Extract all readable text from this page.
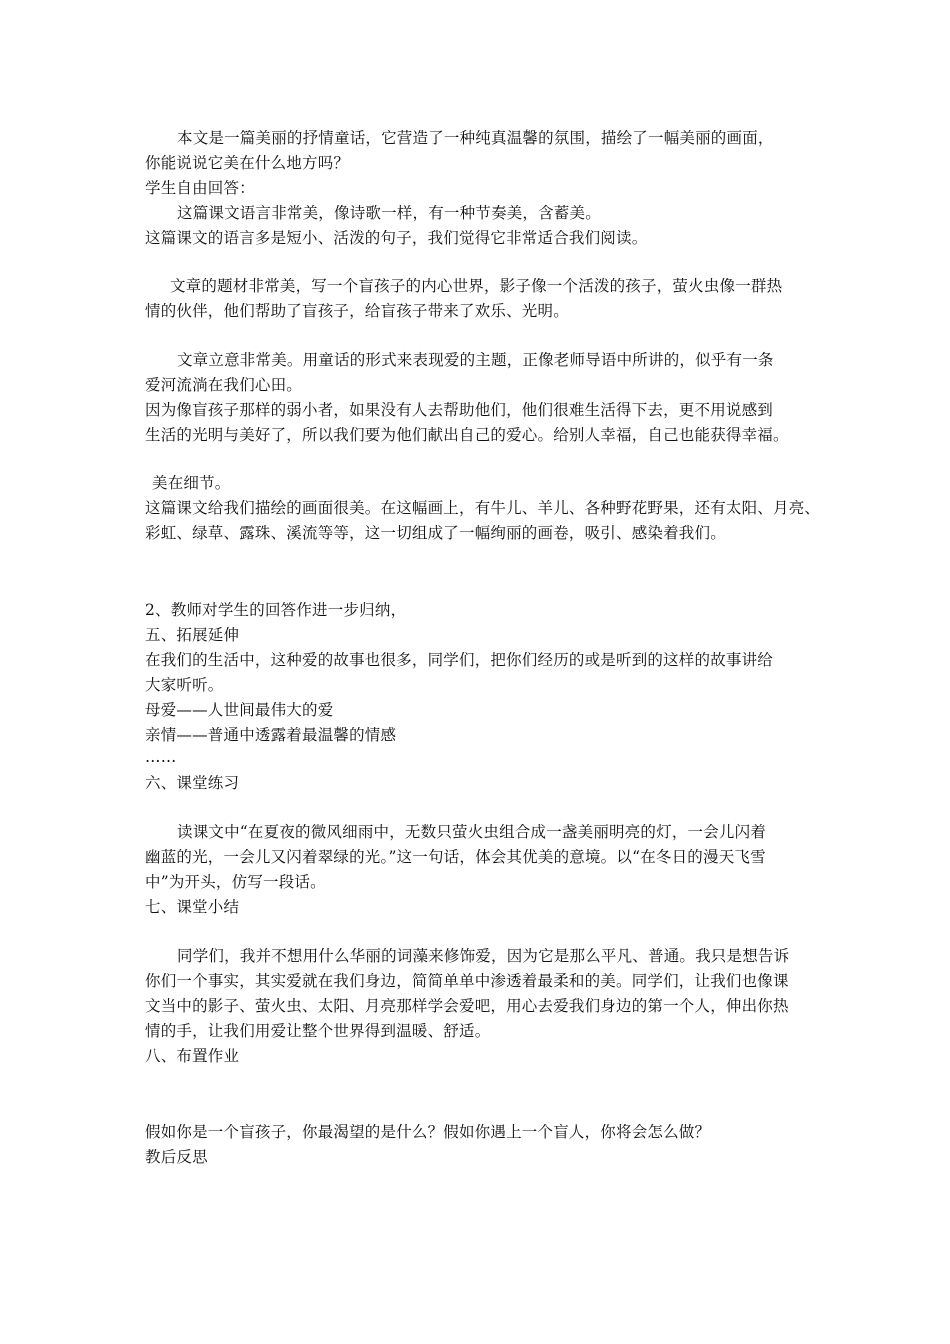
本文是一篇美丽的抒情童话，它营造了一种纯真温馨的氛围，描绘了一幅美丽的画面，
你能说说它美在什么地方吗？
学生自由回答：
这篇课文语言非常美，像诗歌一样，有一种节奏美，含蓄美。
这篇课文的语言多是短小、活泼的句子，我们觉得它非常适合我们阅读。
文章的题材非常美，写一个盲孩子的内心世界，影子像一个活泼的孩子，萤火虫像一群热
情的伙伴，他们帮助了盲孩子，给盲孩子带来了欢乐、光明。
文章立意非常美。用童话的形式来表现爱的主题，正像老师导语中所讲的，似乎有一条
爱河流淌在我们心田。
因为像盲孩子那样的弱小者，如果没有人去帮助他们，他们很难生活得下去，更不用说感到
生活的光明与美好了，所以我们要为他们献出自己的爱心。给别人幸福，自己也能获得幸福。
美在细节。
这篇课文给我们描绘的画面很美。在这幅画上，有牛儿、羊儿、各种野花野果，还有太阳、月亮、
彩虹、绿草、露珠、溪流等等，这一切组成了一幅绚丽的画卷，吸引、感染着我们。
2、教师对学生的回答作进一步归纳，
五、拓展延伸
在我们的生活中，这种爱的故事也很多，同学们，把你们经历的或是听到的这样的故事讲给
大家听听。
母爱——人世间最伟大的爱
亲情——普通中透露着最温馨的情感
……
六、课堂练习
读课文中“在夏夜的微风细雨中，无数只萤火虫组合成一盏美丽明亮的灯，一会儿闪着
幽蓝的光，一会儿又闪着翠绿的光。”这一句话，体会其优美的意境。以“在冬日的漫天飞雪
中”为开头，仿写一段话。
七、课堂小结
同学们，我并不想用什么华丽的词藻来修饰爱，因为它是那么平凡、普通。我只是想告诉
你们一个事实，其实爱就在我们身边，简简单单中渗透着最柔和的美。同学们，让我们也像课
文当中的影子、萤火虫、太阳、月亮那样学会爱吧，用心去爱我们身边的第一个人，伸出你热
情的手，让我们用爱让整个世界得到温暖、舒适。
八、布置作业
假如你是一个盲孩子，你最渴望的是什么？假如你遇上一个盲人，你将会怎么做？
教后反思
